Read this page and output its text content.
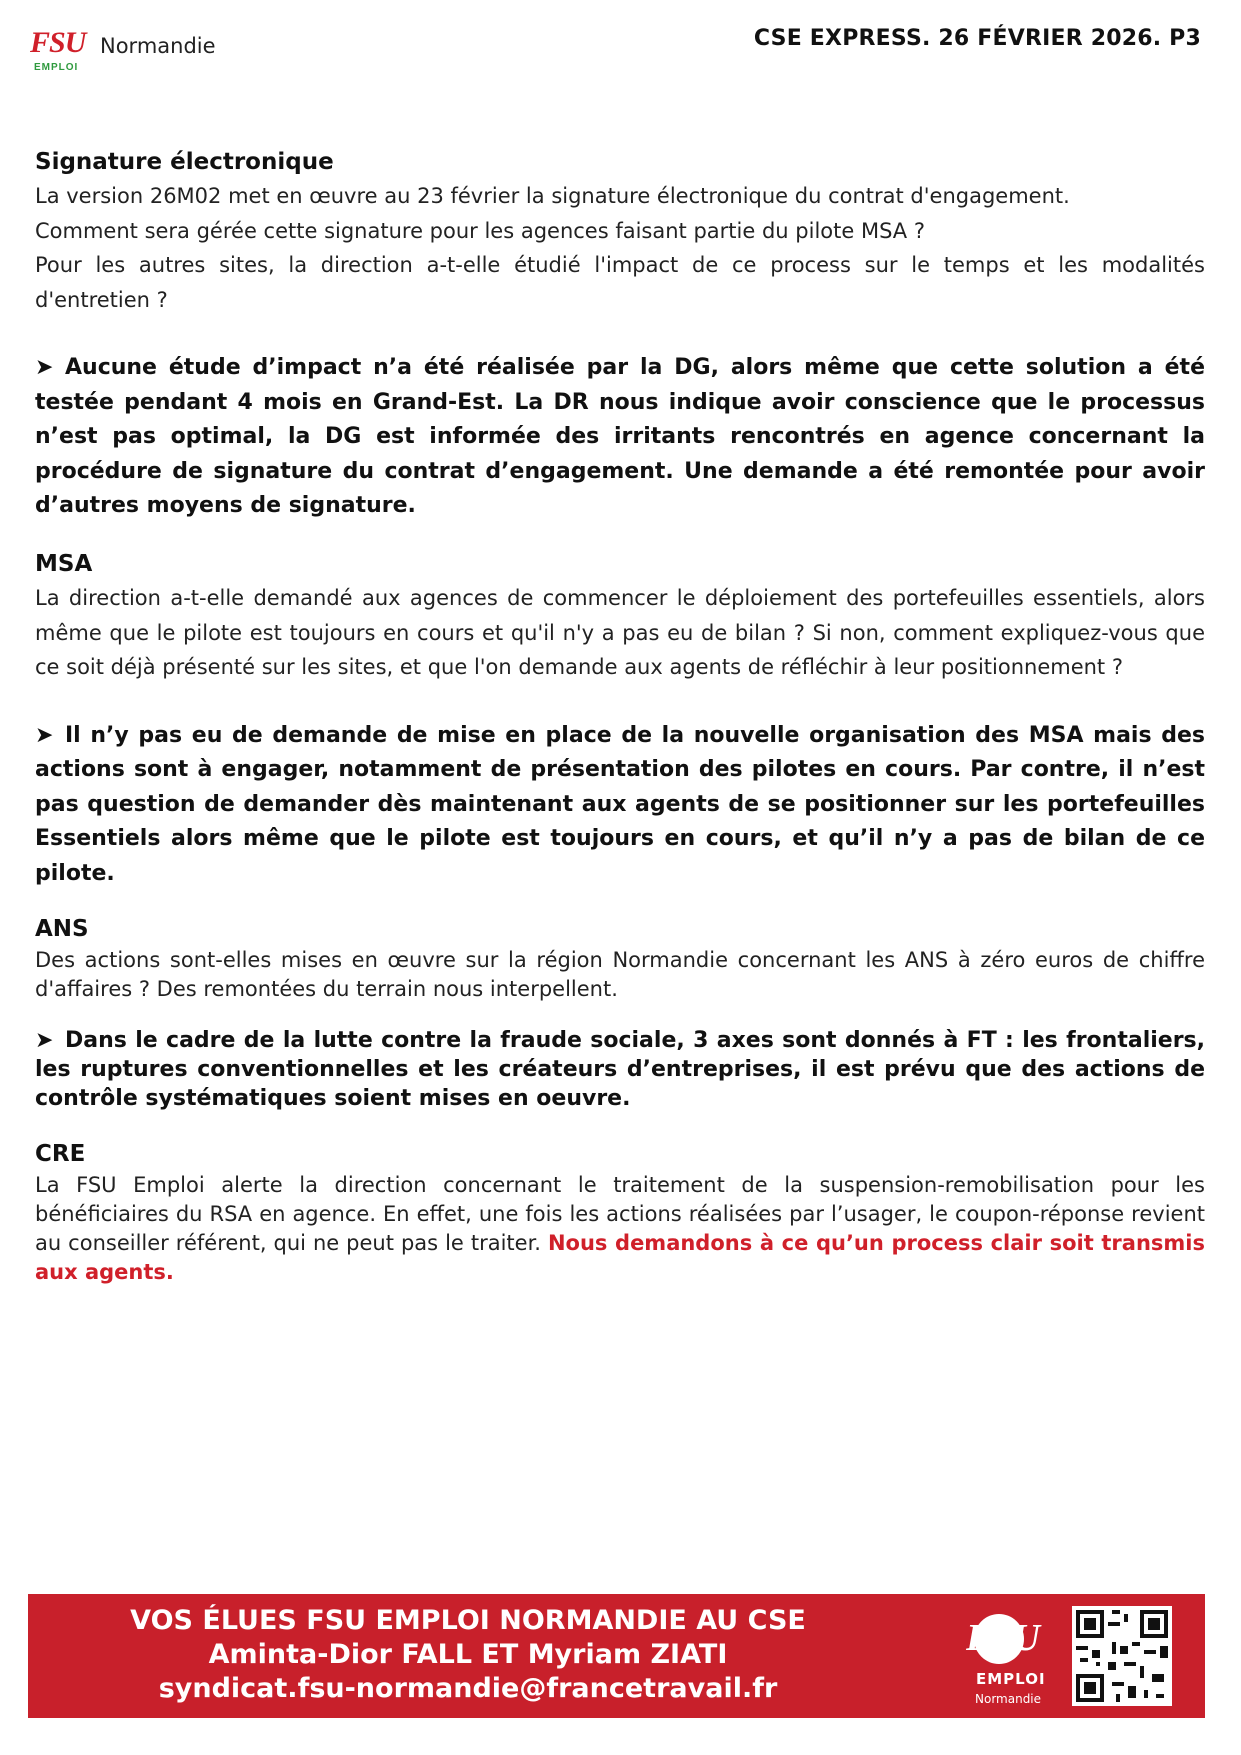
FSU
EMPLOI
Normandie	CSE EXPRESS. 26 FÉVRIER 2026. P3
Signature électronique

La version 26M02 met en œuvre au 23 février la signature électronique du contrat d'engagement.

Comment sera gérée cette signature pour les agences faisant partie du pilote MSA ?

Pour les autres sites, la direction a-t-elle étudié l'impact de ce process sur le temps et les modalités d'entretien ?

➤ Aucune étude d’impact n’a été réalisée par la DG, alors même que cette solution a été testée pendant 4 mois en Grand-Est. La DR nous indique avoir conscience que le processus n’est pas optimal, la DG est informée des irritants rencontrés en agence concernant la procédure de signature du contrat d’engagement. Une demande a été remontée pour avoir d’autres moyens de signature.

MSA

La direction a-t-elle demandé aux agences de commencer le déploiement des portefeuilles essentiels, alors même que le pilote est toujours en cours et qu'il n'y a pas eu de bilan ? Si non, comment expliquez-vous que ce soit déjà présenté sur les sites, et que l'on demande aux agents de réfléchir à leur positionnement ?

➤ Il n’y pas eu de demande de mise en place de la nouvelle organisation des MSA mais des actions sont à engager, notamment de présentation des pilotes en cours. Par contre, il n’est pas question de demander dès maintenant aux agents de se positionner sur les portefeuilles Essentiels alors même que le pilote est toujours en cours, et qu’il n’y a pas de bilan de ce pilote.

ANS

Des actions sont-elles mises en œuvre sur la région Normandie concernant les ANS à zéro euros de chiffre d'affaires ? Des remontées du terrain nous interpellent.

➤ Dans le cadre de la lutte contre la fraude sociale, 3 axes sont donnés à FT : les frontaliers, les ruptures conventionnelles et les créateurs d’entreprises, il est prévu que des actions de contrôle systématiques soient mises en oeuvre.

CRE

La FSU Emploi alerte la direction concernant le traitement de la suspension-remobilisation pour les bénéficiaires du RSA en agence. En effet, une fois les actions réalisées par l’usager, le coupon-réponse revient au conseiller référent, qui ne peut pas le traiter. Nous demandons à ce qu’un process clair soit transmis aux agents.

VOS ÉLUES FSU EMPLOI NORMANDIE AU CSE
Aminta-Dior FALL ET Myriam ZIATI
syndicat.fsu-normandie@francetravail.fr
FSU
EMPLOI
Normandie
